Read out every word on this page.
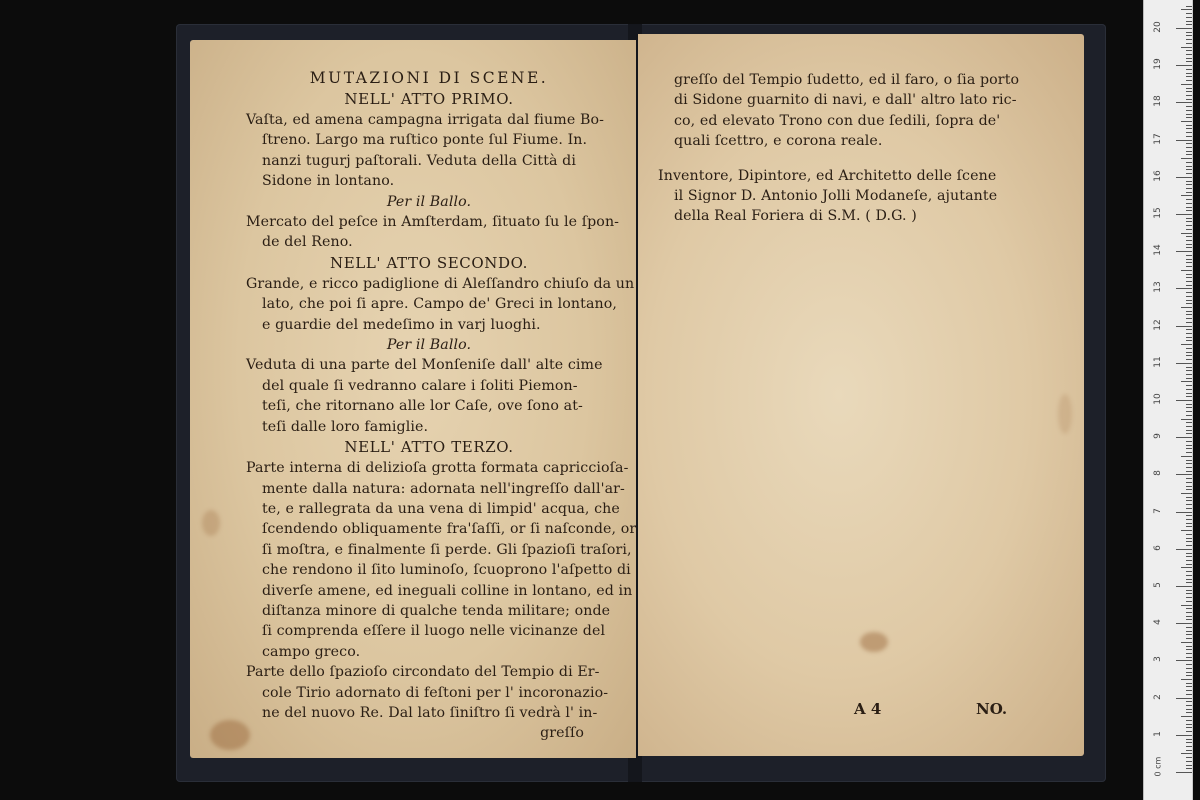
MUTAZIONI DI SCENE.
NELL' ATTO PRIMO.
Vaſta, ed amena campagna irrigata dal fiume Bo-
ſtreno. Largo ma ruſtico ponte ſul Fiume. In.
nanzi tugurj paſtorali. Veduta della Città di
Sidone in lontano.
Per il Ballo.
Mercato del peſce in Amſterdam, ſituato ſu le ſpon-
de del Reno.
NELL' ATTO SECONDO.
Grande, e ricco padiglione di Aleſſandro chiuſo da un
lato, che poi ſi apre. Campo de' Greci in lontano,
e guardie del medeſimo in varj luoghi.
Per il Ballo.
Veduta di una parte del Monſeniſe dall' alte cime
del quale ſi vedranno calare i ſoliti Piemon-
teſi, che ritornano alle lor Caſe, ove ſono at-
teſi dalle loro famiglie.
NELL' ATTO TERZO.
Parte interna di delizioſa grotta formata capriccioſa-
mente dalla natura: adornata nell'ingreſſo dall'ar-
te, e rallegrata da una vena di limpid' acqua, che
ſcendendo obliquamente fra'ſaſſi, or ſi naſconde, or
ſi moſtra, e finalmente ſi perde. Gli ſpazioſi traſori,
che rendono il ſito luminoſo, ſcuoprono l'aſpetto di
diverſe amene, ed ineguali colline in lontano, ed in
diſtanza minore di qualche tenda militare; onde
ſi comprenda eſſere il luogo nelle vicinanze del
campo greco.
Parte dello ſpazioſo circondato del Tempio di Er-
cole Tirio adornato di feſtoni per l' incoronazio-
ne del nuovo Re. Dal lato ſiniſtro ſi vedrà l' in-
greſſo
greſſo del Tempio ſudetto, ed il faro, o ſia porto
di Sidone guarnito di navi, e dall' altro lato ric-
co, ed elevato Trono con due ſedili, ſopra de'
quali ſcettro, e corona reale.
Inventore, Dipintore, ed Architetto delle ſcene
il Signor D. Antonio Jolli Modaneſe, ajutante
della Real Foriera di S.M. ( D.G. )
A 4	NO.
1
2
3
4
5
6
7
8
9
10
11
12
13
14
15
16
17
18
19
20
0 cm
